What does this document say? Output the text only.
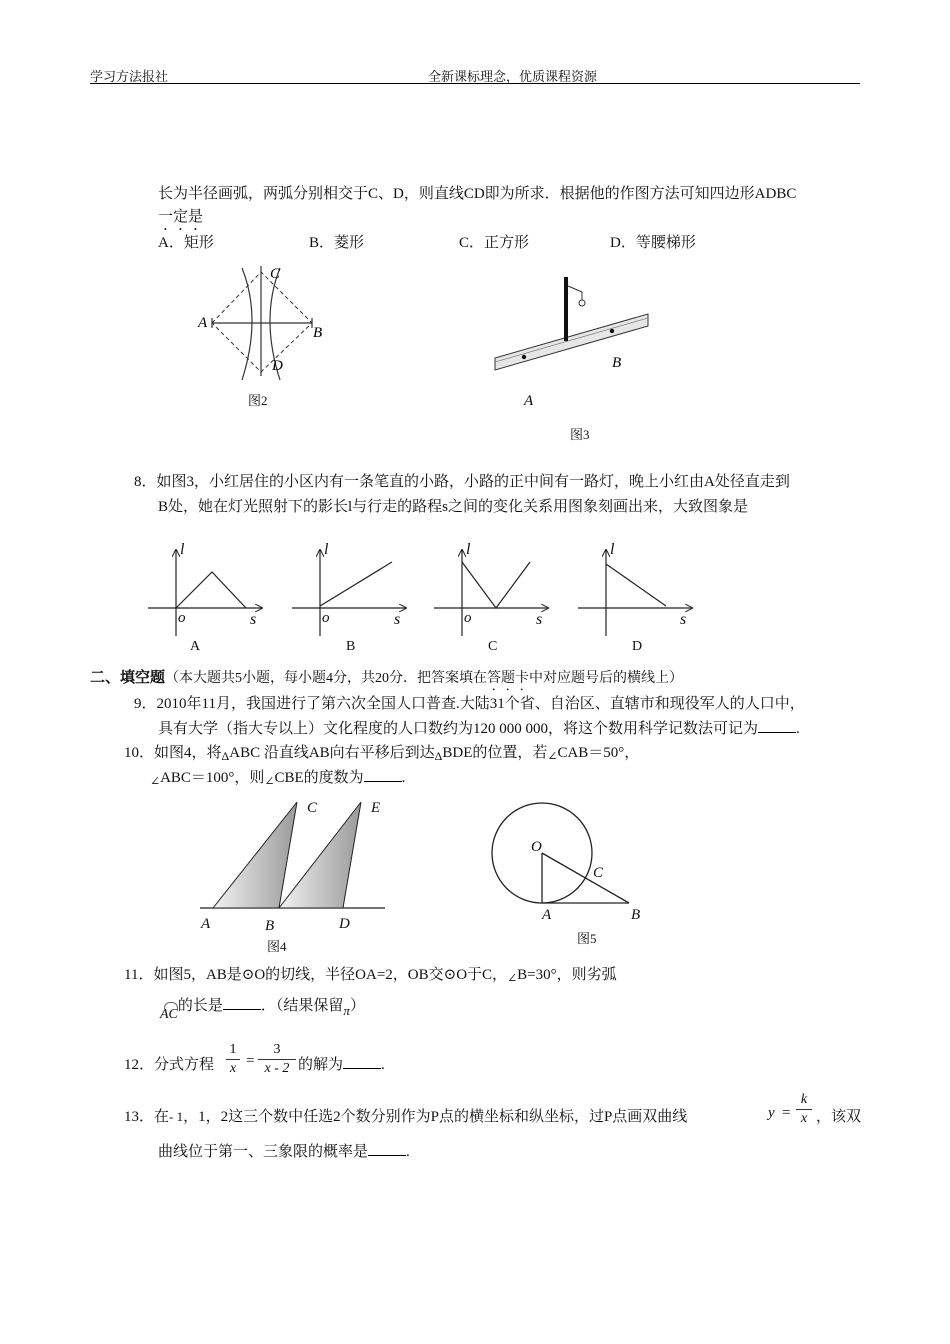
学习方法报社	全新课标理念，优质课程资源
长为半径画弧，两弧分别相交于C、D，则直线CD即为所求．根据他的作图方法可知四边形ADBC
一定是
A．矩形	B．菱形	C．正方形	D．等腰梯形
A
B
C
D
图2
B
A
图3
8．如图3，小红居住的小区内有一条笔直的小路，小路的正中间有一路灯，晚上小红由A处径直走到
B处，她在灯光照射下的影长l与行走的路程s之间的变化关系用图象刻画出来，大致图象是
l
s
o
l
s
o
l
s
o
l
s
A	B	C	D
二、填空题（本大题共5小题，每小题4分，共20分．把答案填在答题卡中对应题号后的横线上）
9．2010年11月，我国进行了第六次全国人口普查.大陆31个省、自治区、直辖市和现役军人的人口中，
具有大学（指大专以上）文化程度的人口数约为120 000 000，将这个数用科学记数法可记为	.
10．如图4，将$_\Delta$ABC 沿直线AB向右平移后到达$_\Delta$BDE的位置，若$_\angle$CAB＝50°，
$_\angle$ABC＝100°，则$_\angle$CBE的度数为	.
A	B
C
D
E
图4
O
A	B
C
图5
11．如图5，AB是⊙O的切线，半径OA=2，OB交⊙O于C，$_\angle$B=30°，则劣弧
AC的长是	．（结果保留π）
12．分式方程
1
x =
3
x - 2 的解为	.
13．在- 1，1，2这三个数中任选2个数分别作为P点的横坐标和纵坐标，过P点画双曲线	y =
k
x ，该双
曲线位于第一、三象限的概率是	.
